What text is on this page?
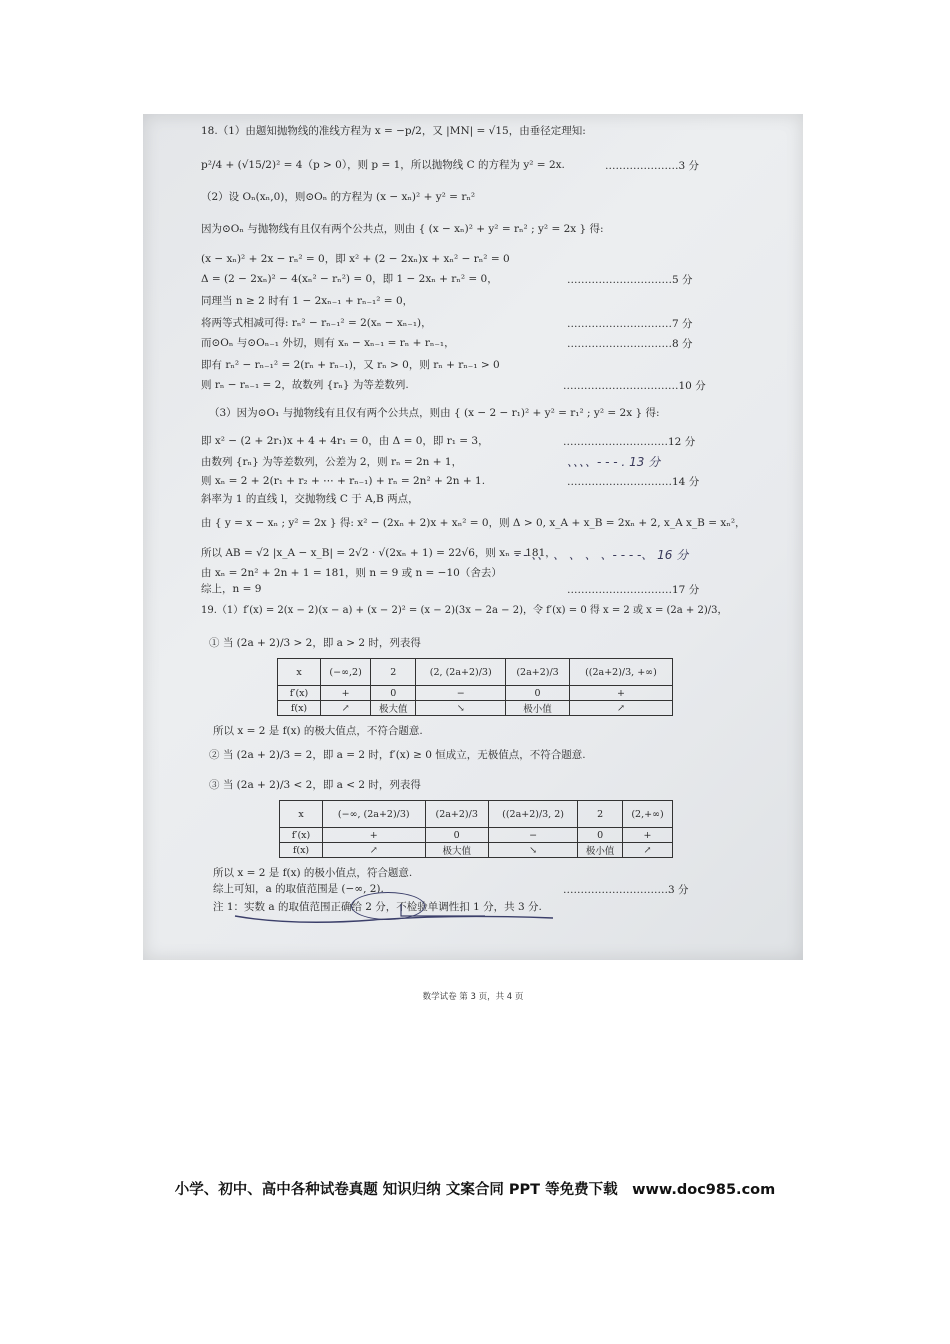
18.（1）由题知抛物线的准线方程为 x = −p/2，又 |MN| = √15，由垂径定理知:
p²/4 + (√15/2)² = 4（p > 0），则 p = 1，所以抛物线 C 的方程为 y² = 2x.	…………………3 分
（2）设 Oₙ(xₙ,0)，则⊙Oₙ 的方程为 (x − xₙ)² + y² = rₙ²
因为⊙Oₙ 与抛物线有且仅有两个公共点，则由 { (x − xₙ)² + y² = rₙ² ; y² = 2x } 得:
(x − xₙ)² + 2x − rₙ² = 0，即 x² + (2 − 2xₙ)x + xₙ² − rₙ² = 0
Δ = (2 − 2xₙ)² − 4(xₙ² − rₙ²) = 0，即 1 − 2xₙ + rₙ² = 0，	…………………………5 分
同理当 n ≥ 2 时有 1 − 2xₙ₋₁ + rₙ₋₁² = 0，
将两等式相减可得: rₙ² − rₙ₋₁² = 2(xₙ − xₙ₋₁)，	…………………………7 分
而⊙Oₙ 与⊙Oₙ₋₁ 外切，则有 xₙ − xₙ₋₁ = rₙ + rₙ₋₁，	…………………………8 分
即有 rₙ² − rₙ₋₁² = 2(rₙ + rₙ₋₁)，又 rₙ > 0，则 rₙ + rₙ₋₁ > 0
则 rₙ − rₙ₋₁ = 2，故数列 {rₙ} 为等差数列.	……………………………10 分
（3）因为⊙O₁ 与抛物线有且仅有两个公共点，则由 { (x − 2 − r₁)² + y² = r₁² ; y² = 2x } 得:
即 x² − (2 + 2r₁)x + 4 + 4r₁ = 0，由 Δ = 0，即 r₁ = 3，	…………………………12 分
由数列 {rₙ} 为等差数列，公差为 2，则 rₙ = 2n + 1，	、、、、- - - . 13 分
则 xₙ = 2 + 2(r₁ + r₂ + ⋯ + rₙ₋₁) + rₙ = 2n² + 2n + 1.	…………………………14 分
斜率为 1 的直线 l，交抛物线 C 于 A,B 两点，
由 { y = x − xₙ ; y² = 2x } 得: x² − (2xₙ + 2)x + xₙ² = 0，则 Δ > 0, x_A + x_B = 2xₙ + 2, x_A x_B = xₙ²，
所以 AB = √2 |x_A − x_B| = 2√2 · √(2xₙ + 1) = 22√6，则 xₙ = 181，
- - 、、 、 、 、 、- - - -、 16 分
由 xₙ = 2n² + 2n + 1 = 181，则 n = 9 或 n = −10（舍去）
综上，n = 9	…………………………17 分
19.（1）f′(x) = 2(x − 2)(x − a) + (x − 2)² = (x − 2)(3x − 2a − 2)，令 f′(x) = 0 得 x = 2 或 x = (2a + 2)/3，
① 当 (2a + 2)/3 > 2，即 a > 2 时，列表得
x	(−∞,2)	2	(2, (2a+2)/3)	(2a+2)/3	((2a+2)/3, +∞)
f′(x)	+	0	−	0	+
f(x)	↗	极大值	↘	极小值	↗
所以 x = 2 是 f(x) 的极大值点，不符合题意.
② 当 (2a + 2)/3 = 2，即 a = 2 时，f′(x) ≥ 0 恒成立，无极值点，不符合题意.
③ 当 (2a + 2)/3 < 2，即 a < 2 时，列表得
x	(−∞, (2a+2)/3)	(2a+2)/3	((2a+2)/3, 2)	2	(2,+∞)
f′(x)	+	0	−	0	+
f(x)	↗	极大值	↘	极小值	↗
所以 x = 2 是 f(x) 的极小值点，符合题意.
综上可知，a 的取值范围是 (−∞, 2).	…………………………3 分
注 1：实数 a 的取值范围正确给 2 分，不检验单调性扣 1 分，共 3 分.
数学试卷 第 3 页，共 4 页
小学、初中、高中各种试卷真题 知识归纳 文案合同 PPT 等免费下载　www.doc985.com
